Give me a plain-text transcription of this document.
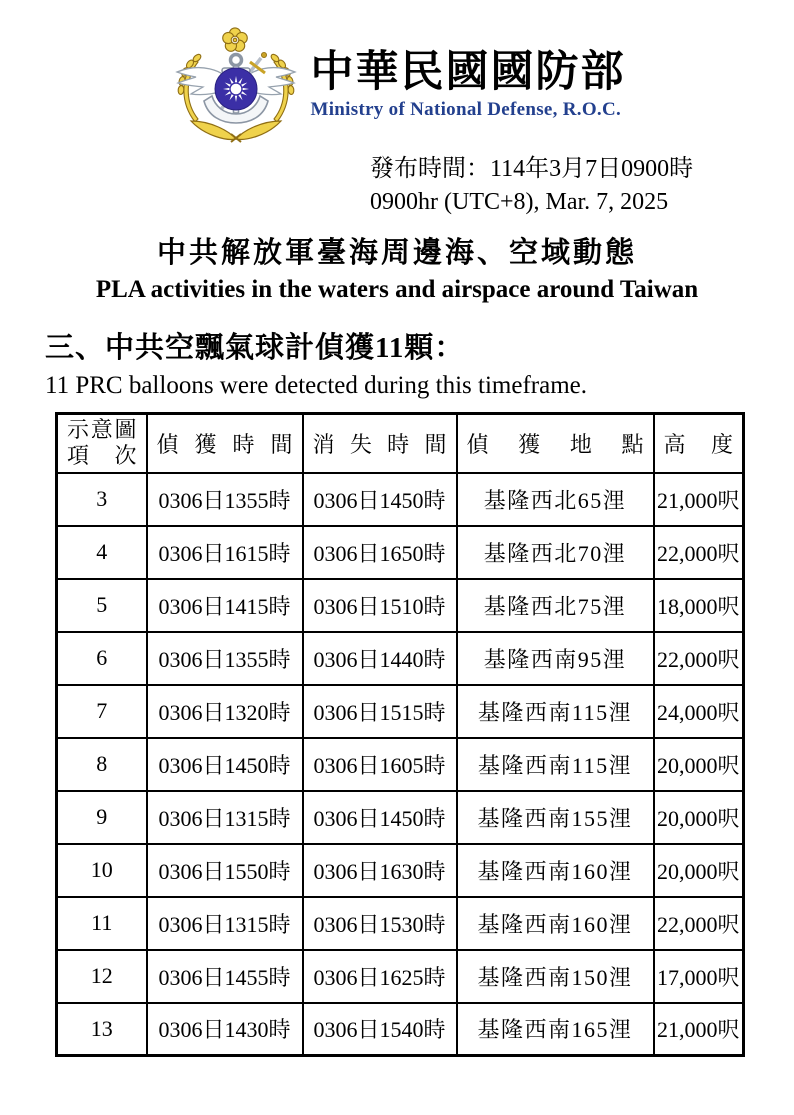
中華民國國防部
Ministry of National Defense, R.O.C.
發布時間：114年3月7日0900時
0900hr (UTC+8), Mar. 7, 2025
中共解放軍臺海周邊海、空域動態
PLA activities in the waters and airspace around Taiwan
三、中共空飄氣球計偵獲11顆：
11 PRC balloons were detected during this timeframe.
示意圖
項次	偵獲時間	消失時間	偵獲地點	高度
3	0306日1355時	0306日1450時	基隆西北65浬	21,000呎
4	0306日1615時	0306日1650時	基隆西北70浬	22,000呎
5	0306日1415時	0306日1510時	基隆西北75浬	18,000呎
6	0306日1355時	0306日1440時	基隆西南95浬	22,000呎
7	0306日1320時	0306日1515時	基隆西南115浬	24,000呎
8	0306日1450時	0306日1605時	基隆西南115浬	20,000呎
9	0306日1315時	0306日1450時	基隆西南155浬	20,000呎
10	0306日1550時	0306日1630時	基隆西南160浬	20,000呎
11	0306日1315時	0306日1530時	基隆西南160浬	22,000呎
12	0306日1455時	0306日1625時	基隆西南150浬	17,000呎
13	0306日1430時	0306日1540時	基隆西南165浬	21,000呎
